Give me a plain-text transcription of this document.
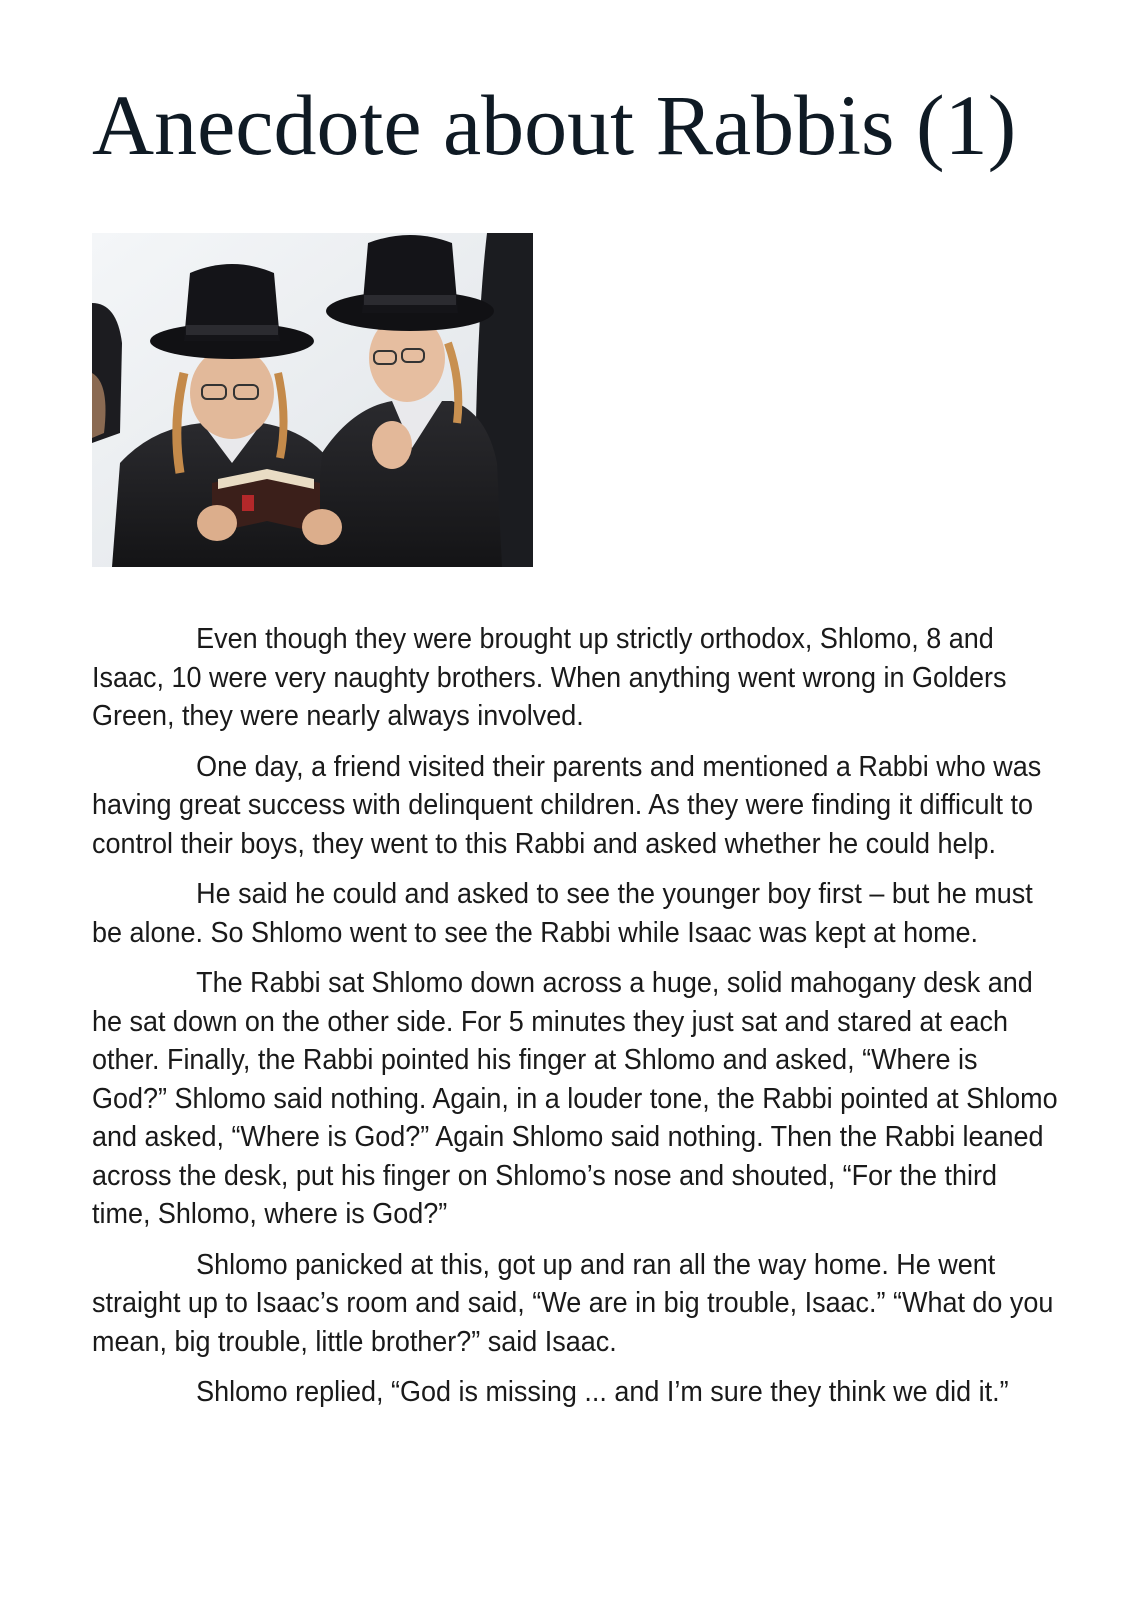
Anecdote about Rabbis (1)

Even though they were brought up strictly orthodox, Shlomo, 8 and Isaac, 10 were very naughty brothers. When anything went wrong in Golders Green, they were nearly always involved.

One day, a friend visited their parents and mentioned a Rabbi who was having great success with delinquent children. As they were finding it difficult to control their boys, they went to this Rabbi and asked whether he could help.

He said he could and asked to see the younger boy first – but he must be alone. So Shlomo went to see the Rabbi while Isaac was kept at home.

The Rabbi sat Shlomo down across a huge, solid mahogany desk and he sat down on the other side. For 5 minutes they just sat and stared at each other. Finally, the Rabbi pointed his finger at Shlomo and asked, “Where is God?” Shlomo said nothing. Again, in a louder tone, the Rabbi pointed at Shlomo and asked, “Where is God?” Again Shlomo said nothing. Then the Rabbi leaned across the desk, put his finger on Shlomo’s nose and shouted, “For the third time, Shlomo, where is God?”

Shlomo panicked at this, got up and ran all the way home. He went straight up to Isaac’s room and said, “We are in big trouble, Isaac.” “What do you mean, big trouble, little brother?” said Isaac.

Shlomo replied, “God is missing ... and I’m sure they think we did it.”
